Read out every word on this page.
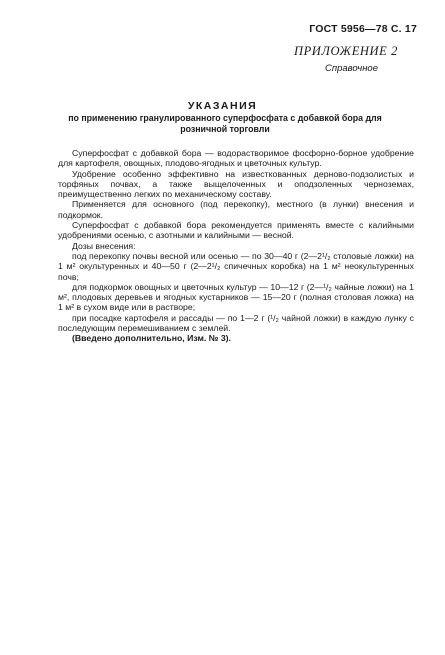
ГОСТ 5956—78 С. 17
ПРИЛОЖЕНИЕ 2
Справочное
УКАЗАНИЯ
по применению гранулированного суперфосфата с добавкой бора для розничной торговли

Суперфосфат с добавкой бора — водорастворимое фосфорно-борное удобрение для картофеля, овощных, плодово-ягодных и цветочных культур.

Удобрение особенно эффективно на известкованных дерново-подзолистых и торфяных почвах, а также выщелоченных и оподзоленных черноземах, преимущественно легких по механическому составу.

Применяется для основного (под перекопку), местного (в лунки) внесения и подкормок.

Суперфосфат с добавкой бора рекомендуется применять вместе с калийными удобрениями осенью, с азотными и калийными — весной.

Дозы внесения:

под перекопку почвы весной или осенью — по 30—40 г (2—2¹/₂ столовые ложки) на 1 м² окультуренных и 40—50 г (2—2¹/₂ спичечных коробка) на 1 м² неокультуренных почв;

для подкормок овощных и цветочных культур — 10—12 г (2—¹/₂ чайные ложки) на 1 м², плодовых деревьев и ягодных кустарников — 15—20 г (полная столовая ложка) на 1 м² в сухом виде или в растворе;

при посадке картофеля и рассады — по 1—2 г (¹/₂ чайной ложки) в каждую лунку с последующим перемешиванием с землей.

(Введено дополнительно, Изм. № 3).
